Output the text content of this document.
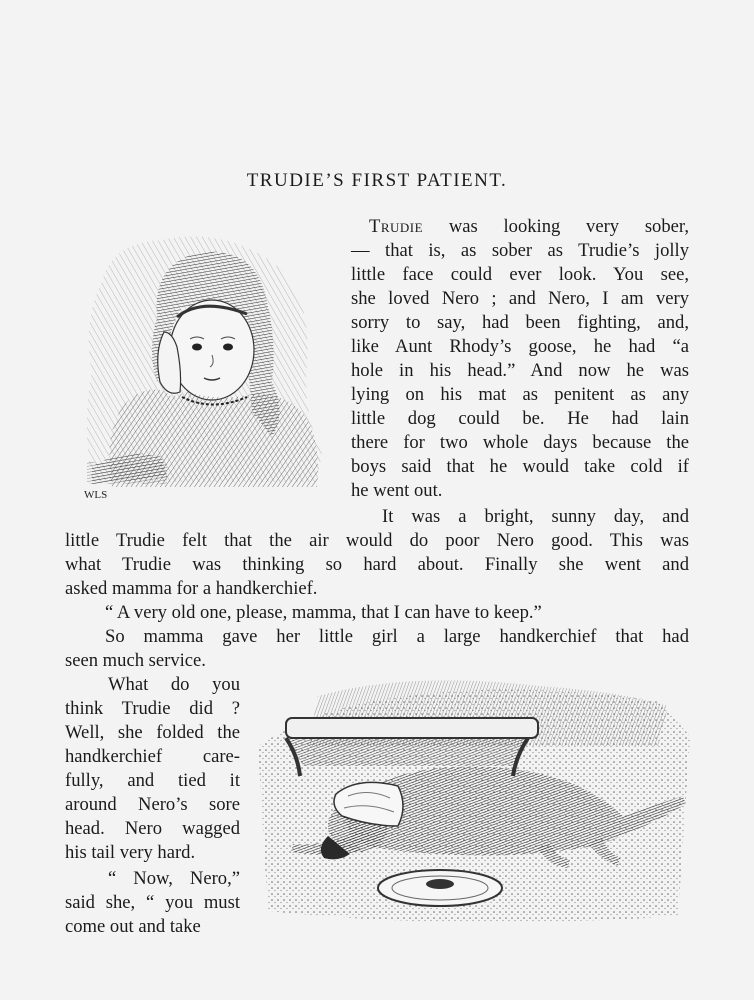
TRUDIE’S FIRST PATIENT.
WLS
Trudie was looking very sober,
— that is, as sober as Trudie’s jolly
little face could ever look. You see,
she loved Nero ; and Nero, I am very
sorry to say, had been fighting, and,
like Aunt Rhody’s goose, he had “a
hole in his head.” And now he was
lying on his mat as penitent as any
little dog could be. He had lain
there for two whole days because the
boys said that he would take cold if
he went out.
It was a bright, sunny day, and
little Trudie felt that the air would do poor Nero good. This was
what Trudie was thinking so hard about. Finally she went and
asked mamma for a handkerchief.
“ A very old one, please, mamma, that I can have to keep.”
So mamma gave her little girl a large handkerchief that had
seen much service.
What do you
think Trudie did ?
Well, she folded the
handkerchief care-
fully, and tied it
around Nero’s sore
head. Nero wagged
his tail very hard.
“ Now, Nero,”
said she, “ you must
come out and take
